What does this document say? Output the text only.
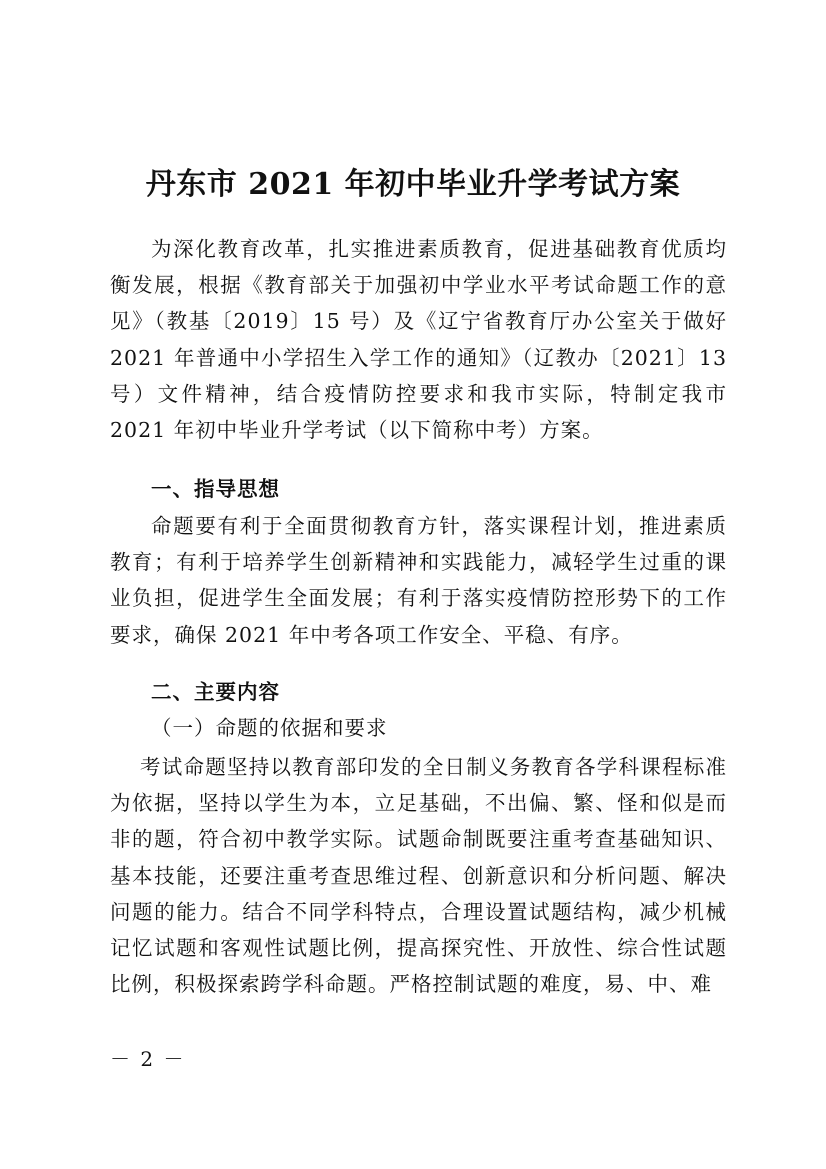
丹东市 2021 年初中毕业升学考试方案

为深化教育改革，扎实推进素质教育，促进基础教育优质均衡发展，根据《教育部关于加强初中学业水平考试命题工作的意见》（教基〔2019〕15 号）及《辽宁省教育厅办公室关于做好 2021 年普通中小学招生入学工作的通知》（辽教办〔2021〕13 号）文件精神，结合疫情防控要求和我市实际，特制定我市 2021 年初中毕业升学考试（以下简称中考）方案。

一、指导思想

命题要有利于全面贯彻教育方针，落实课程计划，推进素质教育；有利于培养学生创新精神和实践能力，减轻学生过重的课业负担，促进学生全面发展；有利于落实疫情防控形势下的工作要求，确保 2021 年中考各项工作安全、平稳、有序。

二、主要内容
（一）命题的依据和要求

考试命题坚持以教育部印发的全日制义务教育各学科课程标准为依据，坚持以学生为本，立足基础，不出偏、繁、怪和似是而非的题，符合初中教学实际。试题命制既要注重考查基础知识、基本技能，还要注重考查思维过程、创新意识和分析问题、解决问题的能力。结合不同学科特点，合理设置试题结构，减少机械记忆试题和客观性试题比例，提高探究性、开放性、综合性试题比例，积极探索跨学科命题。严格控制试题的难度，易、中、难

－ 2 －
